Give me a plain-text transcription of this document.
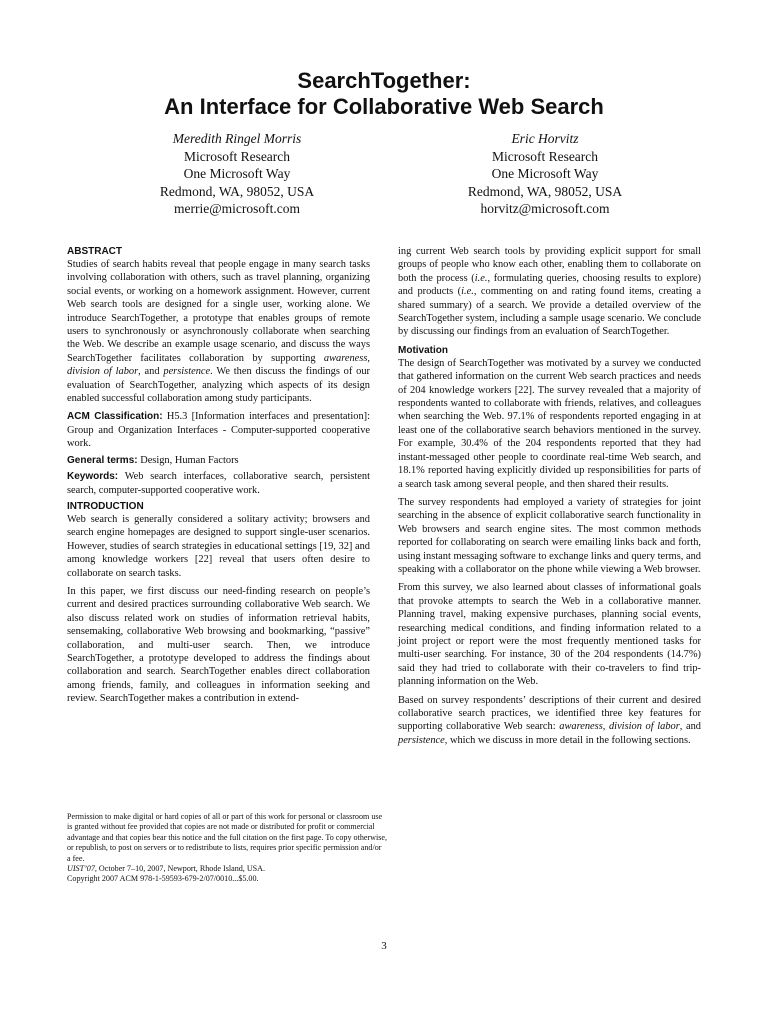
SearchTogether:
An Interface for Collaborative Web Search
Meredith Ringel Morris
Microsoft Research
One Microsoft Way
Redmond, WA, 98052, USA
merrie@microsoft.com
Eric Horvitz
Microsoft Research
One Microsoft Way
Redmond, WA, 98052, USA
horvitz@microsoft.com
ABSTRACT

Studies of search habits reveal that people engage in many search tasks involving collaboration with others, such as travel planning, organizing social events, or working on a homework assignment. However, current Web search tools are designed for a single user, working alone. We introduce SearchTogether, a prototype that enables groups of remote users to synchronously or asynchronously collaborate when searching the Web. We describe an example usage scenario, and discuss the ways SearchTogether facilitates collaboration by supporting awareness, division of labor, and persistence. We then discuss the findings of our evaluation of SearchTogether, analyzing which aspects of its design enabled successful collaboration among study participants.

ACM Classification: H5.3 [Information interfaces and presentation]: Group and Organization Interfaces - Computer-supported cooperative work.

General terms: Design, Human Factors

Keywords: Web search interfaces, collaborative search, persistent search, computer-supported cooperative work.

INTRODUCTION

Web search is generally considered a solitary activity; browsers and search engine homepages are designed to support single-user scenarios. However, studies of search strategies in educational settings [19, 32] and among knowledge workers [22] reveal that users often desire to collaborate on search tasks.

In this paper, we first discuss our need-finding research on people’s current and desired practices surrounding collaborative Web search. We also discuss related work on studies of information retrieval habits, sensemaking, collaborative Web browsing and bookmarking, “passive” collaboration, and multi-user search. Then, we introduce SearchTogether, a prototype developed to address the findings about collaboration and search. SearchTogether enables direct collaboration among friends, family, and colleagues in information seeking and review. SearchTogether makes a contribution in extend-

Permission to make digital or hard copies of all or part of this work for personal or classroom use is granted without fee provided that copies are not made or distributed for profit or commercial advantage and that copies bear this notice and the full citation on the first page. To copy otherwise, or republish, to post on servers or to redistribute to lists, requires prior specific permission and/or a fee.

UIST’07, October 7–10, 2007, Newport, Rhode Island, USA.

Copyright 2007 ACM 978-1-59593-679-2/07/0010...$5.00.

ing current Web search tools by providing explicit support for small groups of people who know each other, enabling them to collaborate on both the process (i.e., formulating queries, choosing results to explore) and products (i.e., commenting on and rating found items, creating a shared summary) of a search. We provide a detailed overview of the SearchTogether system, including a sample usage scenario. We conclude by discussing our findings from an evaluation of SearchTogether.

Motivation

The design of SearchTogether was motivated by a survey we conducted that gathered information on the current Web search practices and needs of 204 knowledge workers [22]. The survey revealed that a majority of respondents wanted to collaborate with friends, relatives, and colleagues when searching the Web. 97.1% of respondents reported engaging in at least one of the collaborative search behaviors mentioned in the survey. For example, 30.4% of the 204 respondents reported that they had instant-messaged other people to coordinate real-time Web search, and 18.1% reported having explicitly divided up responsibilities for parts of a search task among several people, and then shared their results.

The survey respondents had employed a variety of strategies for joint searching in the absence of explicit collaborative search functionality in Web browsers and search engine sites. The most common methods reported for collaborating on search were emailing links back and forth, using instant messaging software to exchange links and query terms, and speaking with a collaborator on the phone while viewing a Web browser.

From this survey, we also learned about classes of informational goals that provoke attempts to search the Web in a collaborative manner. Planning travel, making expensive purchases, planning social events, researching medical conditions, and finding information related to a joint project or report were the most frequently mentioned tasks for multi-user searching. For instance, 30 of the 204 respondents (14.7%) said they had tried to collaborate with their co-travelers to find trip-planning information on the Web.

Based on survey respondents’ descriptions of their current and desired collaborative search practices, we identified three key features for supporting collaborative Web search: awareness, division of labor, and persistence, which we discuss in more detail in the following sections.

3
